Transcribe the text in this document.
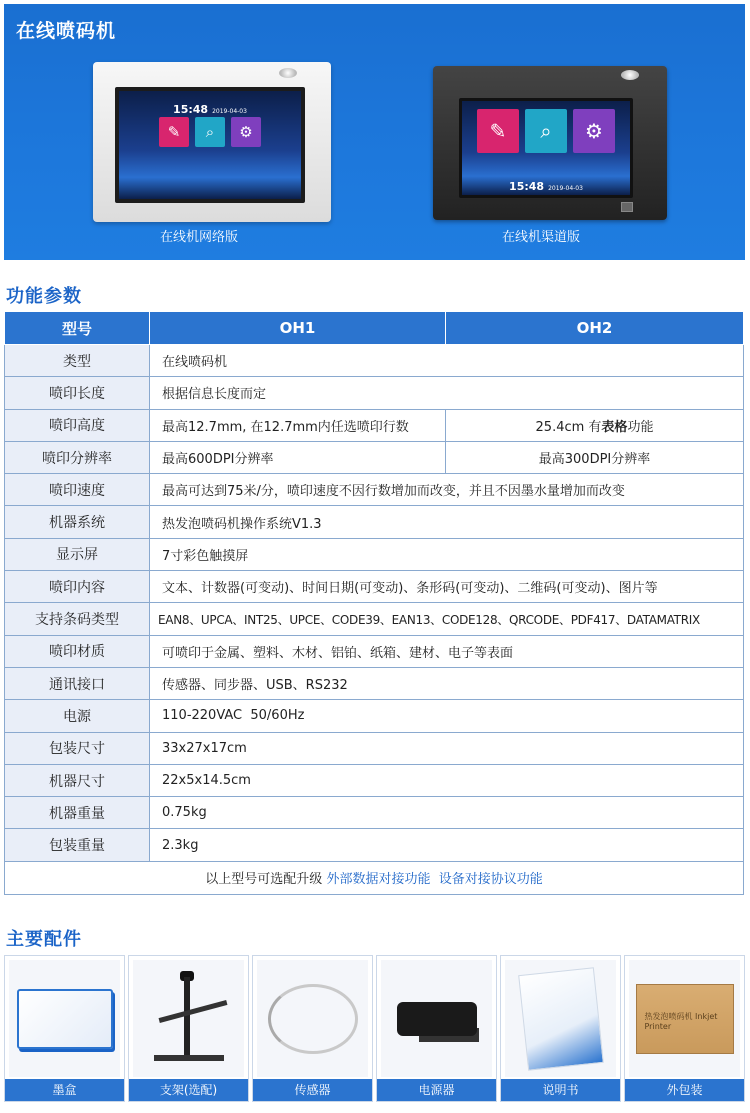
在线喷码机
15:48 2019-04-03
✎	⌕	⚙
在线机网络版
✎	⌕	⚙
15:48 2019-04-03
在线机渠道版
功能参数
型号	OH1	OH2
类型	在线喷码机	
喷印长度	根据信息长度而定	
喷印高度	最高12.7mm, 在12.7mm内任选喷印行数	25.4cm 有表格功能
喷印分辨率	最高600DPI分辨率	最高300DPI分辨率
喷印速度	最高可达到75米/分，喷印速度不因行数增加而改变，并且不因墨水量增加而改变	
机器系统	热发泡喷码机操作系统V1.3	
显示屏	7寸彩色触摸屏	
喷印内容	文本、计数器(可变动)、时间日期(可变动)、条形码(可变动)、二维码(可变动)、图片等	
支持条码类型	EAN8、UPCA、INT25、UPCE、CODE39、EAN13、CODE128、QRCODE、PDF417、DATAMATRIX	
喷印材质	可喷印于金属、塑料、木材、铝铂、纸箱、建材、电子等表面	
通讯接口	传感器、同步器、USB、RS232	
电源	110-220VAC  50/60Hz	
包装尺寸	33x27x17cm	
机器尺寸	22x5x14.5cm	
机器重量	0.75kg	
包装重量	2.3kg	
以上型号可选配升级 外部数据对接功能  设备对接协议功能		
主要配件
墨盒	支架(选配)	传感器	电源器	说明书
热发泡喷码机 Inkjet Printer
外包装
